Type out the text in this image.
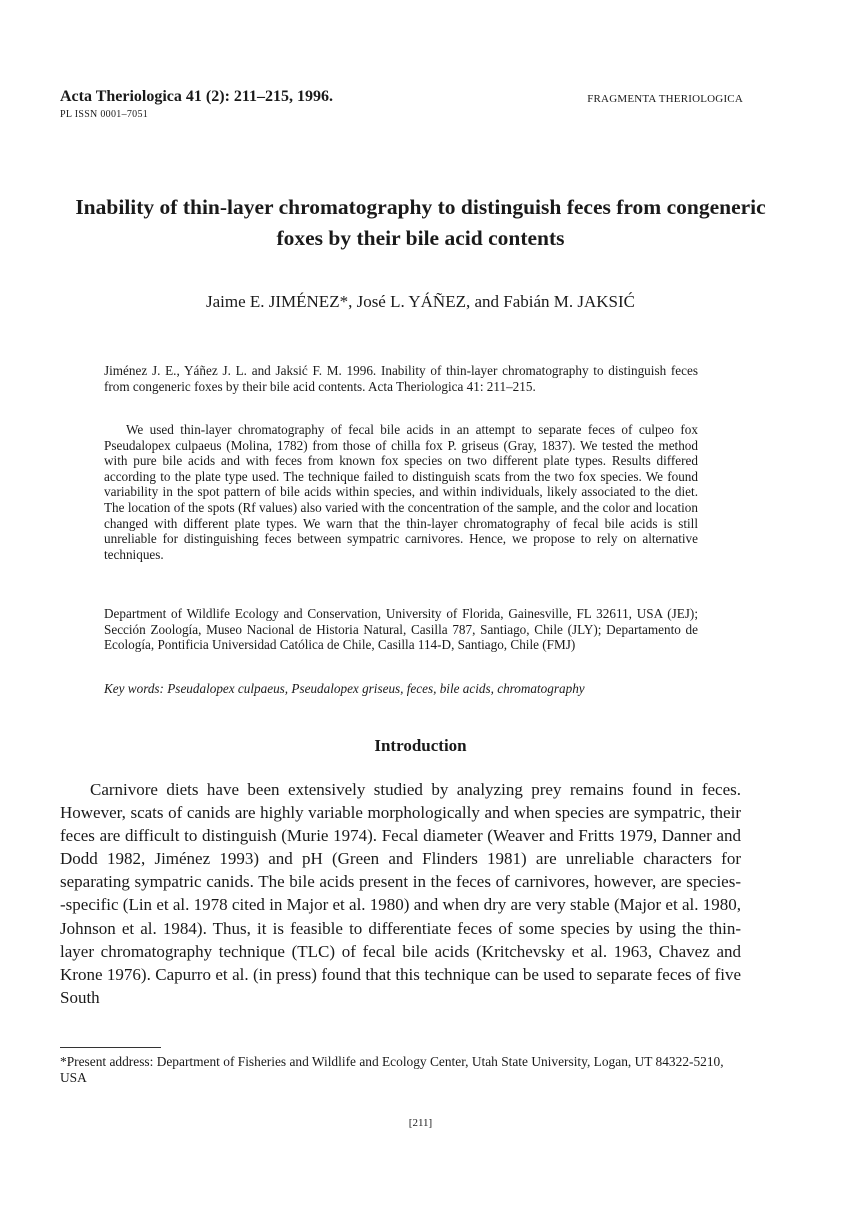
Acta Theriologica 41 (2): 211–215, 1996.
PL ISSN 0001–7051
FRAGMENTA THERIOLOGICA
Inability of thin-layer chromatography to distinguish feces from congeneric foxes by their bile acid contents
Jaime E. JIMÉNEZ*, José L. YÁÑEZ, and Fabián M. JAKSIĆ
Jiménez J. E., Yáñez J. L. and Jaksić F. M. 1996. Inability of thin-layer chromatography to distinguish feces from congeneric foxes by their bile acid contents. Acta Theriologica 41: 211–215.
We used thin-layer chromatography of fecal bile acids in an attempt to separate feces of culpeo fox Pseudalopex culpaeus (Molina, 1782) from those of chilla fox P. griseus (Gray, 1837). We tested the method with pure bile acids and with feces from known fox species on two different plate types. Results differed according to the plate type used. The technique failed to distinguish scats from the two fox species. We found variability in the spot pattern of bile acids within species, and within individuals, likely associated to the diet. The location of the spots (Rf values) also varied with the concentration of the sample, and the color and location changed with different plate types. We warn that the thin-layer chromatography of fecal bile acids is still unreliable for distinguishing feces between sympatric carnivores. Hence, we propose to rely on alternative techniques.
Department of Wildlife Ecology and Conservation, University of Florida, Gainesville, FL 32611, USA (JEJ); Sección Zoología, Museo Nacional de Historia Natural, Casilla 787, Santiago, Chile (JLY); Departamento de Ecología, Pontificia Universidad Católica de Chile, Casilla 114-D, Santiago, Chile (FMJ)
Key words: Pseudalopex culpaeus, Pseudalopex griseus, feces, bile acids, chromatography
Introduction
Carnivore diets have been extensively studied by analyzing prey remains found in feces. However, scats of canids are highly variable morphologically and when species are sympatric, their feces are difficult to distinguish (Murie 1974). Fecal diameter (Weaver and Fritts 1979, Danner and Dodd 1982, Jiménez 1993) and pH (Green and Flinders 1981) are unreliable characters for separating sympatric canids. The bile acids present in the feces of carnivores, however, are species--specific (Lin et al. 1978 cited in Major et al. 1980) and when dry are very stable (Major et al. 1980, Johnson et al. 1984). Thus, it is feasible to differentiate feces of some species by using the thin-layer chromatography technique (TLC) of fecal bile acids (Kritchevsky et al. 1963, Chavez and Krone 1976). Capurro et al. (in press) found that this technique can be used to separate feces of five South
*Present address: Department of Fisheries and Wildlife and Ecology Center, Utah State University, Logan, UT 84322-5210, USA
[211]
